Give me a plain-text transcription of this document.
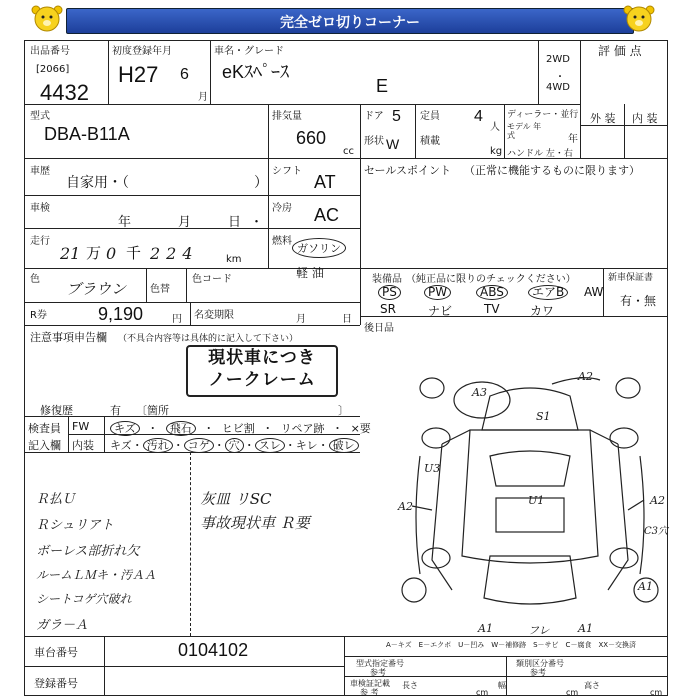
完全ゼロ切りコーナー
出品番号
[2066]
4432
初度登録年月
H27 6
月
車名・グレード
eKｽﾍﾟｰｽ
E
2WD
・
4WD
評 価 点
型式
DBA-B11A
排気量
660
cc
ドア 5 定員 4
人
形状 W 積載
kg
ディーラー・並行
モデル 年式	年
ハンドル 左・右
外 装 内 装
車歴
自家用・（	）
車検
年	月	日 ・
走行
21 万 0 千 224	km
色
ブラウン 色替
色コード
シフト
AT
冷房 AC
燃料
ガソリン
軽 油
R券	9,190	円 名変期限	月	日
セールスポイント （正常に機能するものに限ります）
装備品 （純正品に限りのチェックください）	新車保証書
有・無
PS	PW	ABS	エアB	AW
SR	ナビ	TV	カワ
後日品
注意事項申告欄 （不具合内容等は具体的に記入して下さい）
現状車につき
ノークレーム
修復歴	有 〔箇所	〕
検査員
記入欄
FW
内装
キズ ・ 飛石 ・ ヒビ割 ・ リペア跡 ・ ×要
キズ・ 汚れ ・ コゲ ・ 穴 ・ スレ ・キレ・ 破レ
灰皿 リSC
事故現状車 Ｒ要
Ｒ払Ｕ
Ｒシュリアト
ボーレス部折れ欠
ルームＬＭキ・汚ＡＡ
シートコゲ穴破れ
ガラ－Ａ
A2
S1
U3
U1
A2	A2
C3穴
A1
A1	フレ	A1
A3
A－キズ　E－エクボ　U－凹み　W－補修跡　S－サビ　C－腐食　XX－交換済
車台番号	0104102
登録番号
型式指定番号
参考
類別区分番号
参考
車検証記載
参 考
長さ
cm
幅
cm
高さ
cm
